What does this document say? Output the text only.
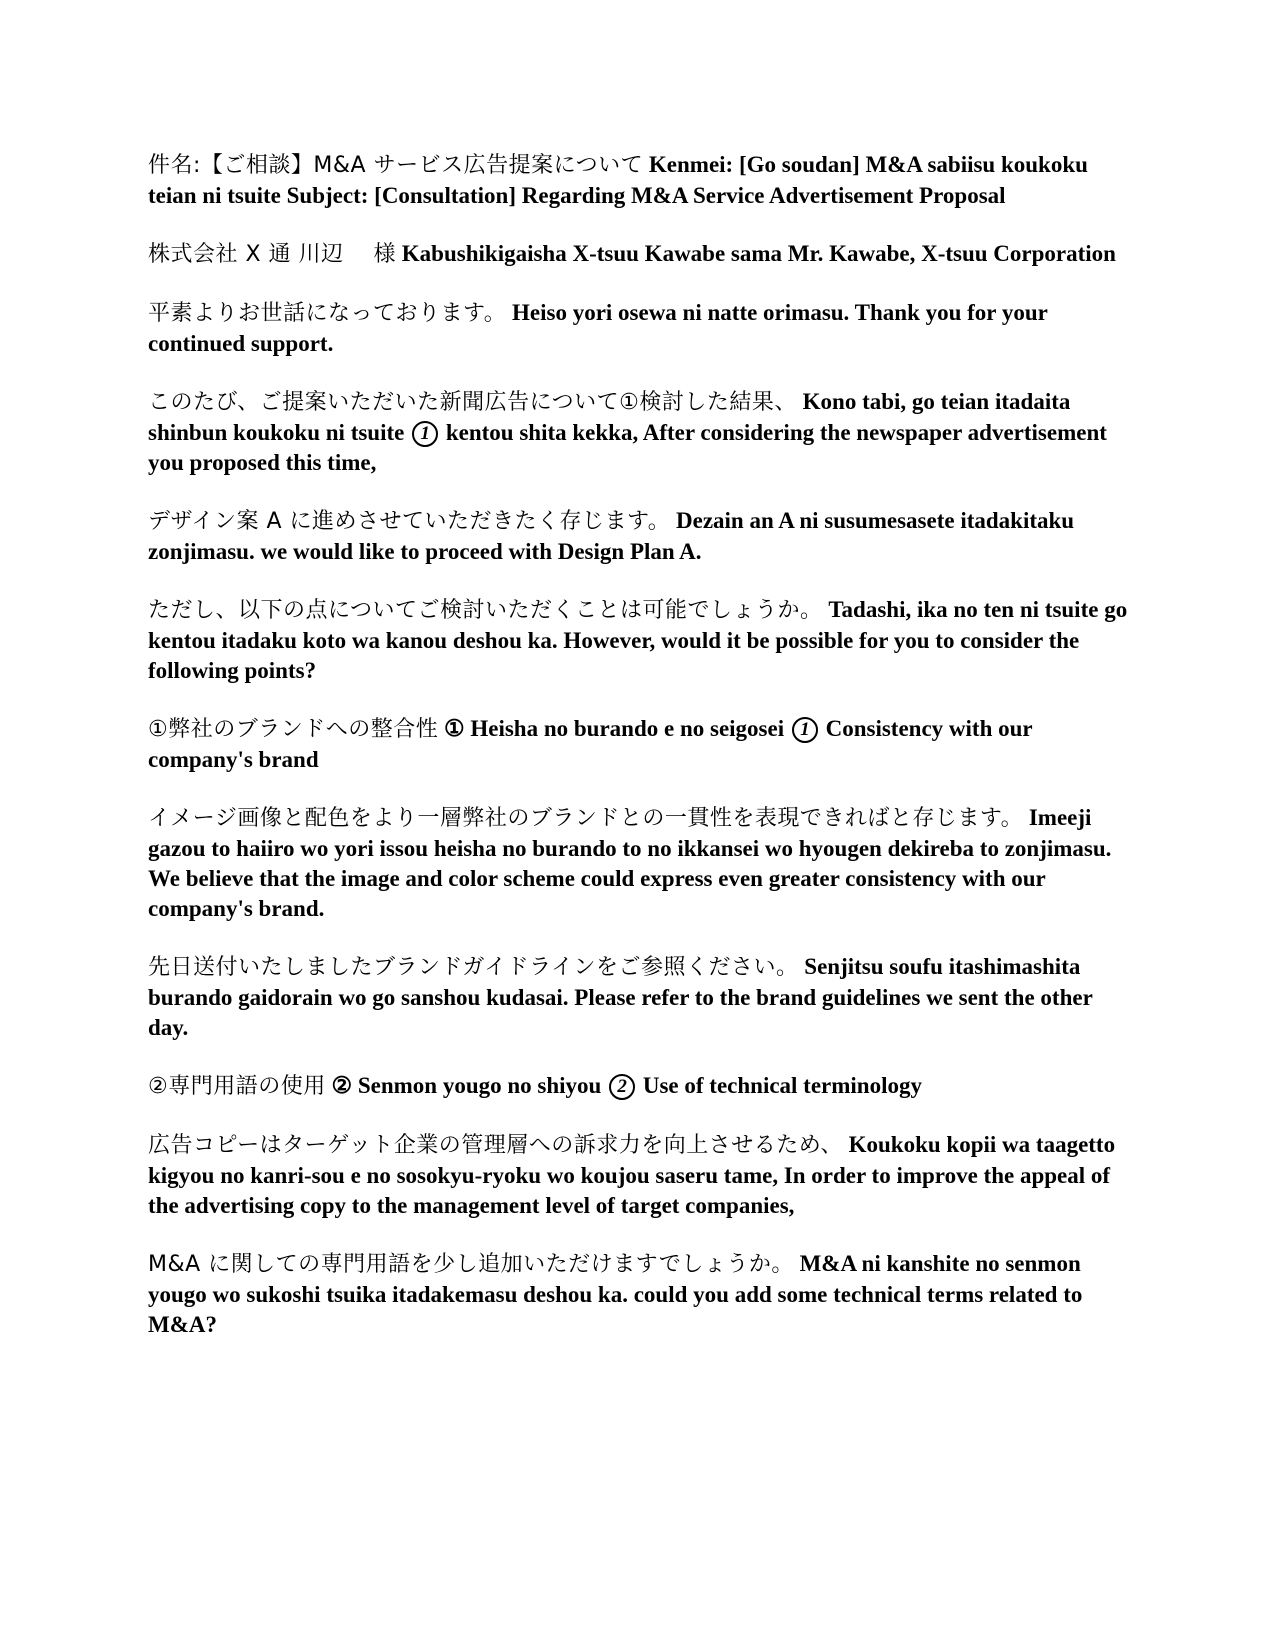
件名:【ご相談】M&A サービス広告提案について Kenmei: [Go soudan] M&A sabiisu koukoku teian ni tsuite Subject: [Consultation] Regarding M&A Service Advertisement Proposal

株式会社 X 通 川辺　 様 Kabushikigaisha X-tsuu Kawabe sama Mr. Kawabe, X-tsuu Corporation

平素よりお世話になっております。 Heiso yori osewa ni natte orimasu. Thank you for your continued support.

このたび、ご提案いただいた新聞広告について①検討した結果、 Kono tabi, go teian itadaita shinbun koukoku ni tsuite 1 kentou shita kekka, After considering the newspaper advertisement you proposed this time,

デザイン案 A に進めさせていただきたく存じます。 Dezain an A ni susumesasete itadakitaku zonjimasu. we would like to proceed with Design Plan A.

ただし、以下の点についてご検討いただくことは可能でしょうか。 Tadashi, ika no ten ni tsuite go kentou itadaku koto wa kanou deshou ka. However, would it be possible for you to consider the following points?

①弊社のブランドへの整合性 ① Heisha no burando e no seigosei 1 Consistency with our company's brand

イメージ画像と配色をより一層弊社のブランドとの一貫性を表現できればと存じます。 Imeeji gazou to haiiro wo yori issou heisha no burando to no ikkansei wo hyougen dekireba to zonjimasu. We believe that the image and color scheme could express even greater consistency with our company's brand.

先日送付いたしましたブランドガイドラインをご参照ください。 Senjitsu soufu itashimashita burando gaidorain wo go sanshou kudasai. Please refer to the brand guidelines we sent the other day.

②専門用語の使用 ② Senmon yougo no shiyou 2 Use of technical terminology

広告コピーはターゲット企業の管理層への訴求力を向上させるため、 Koukoku kopii wa taagetto kigyou no kanri-sou e no sosokyu-ryoku wo koujou saseru tame, In order to improve the appeal of the advertising copy to the management level of target companies,

M&A に関しての専門用語を少し追加いただけますでしょうか。 M&A ni kanshite no senmon yougo wo sukoshi tsuika itadakemasu deshou ka. could you add some technical terms related to M&A?
